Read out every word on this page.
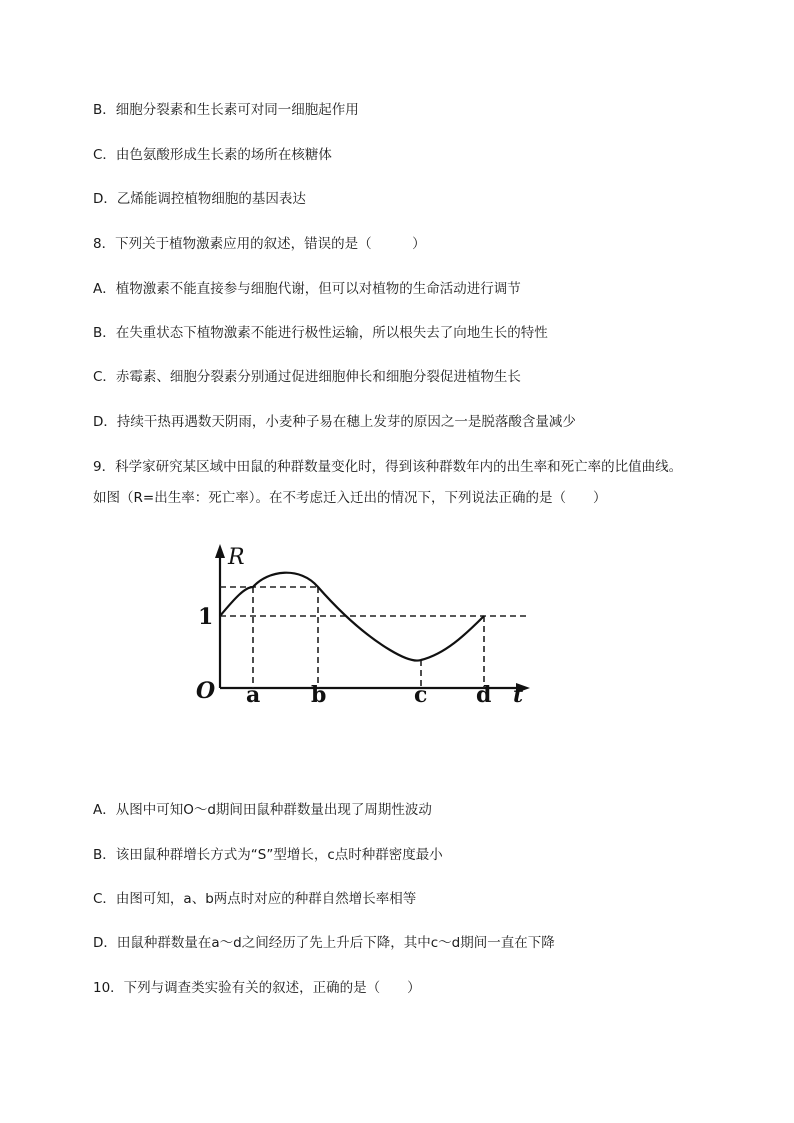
B．细胞分裂素和生长素可对同一细胞起作用

C．由色氨酸形成生长素的场所在核糖体

D．乙烯能调控植物细胞的基因表达

8．下列关于植物激素应用的叙述，错误的是（　　　）

A．植物激素不能直接参与细胞代谢，但可以对植物的生命活动进行调节

B．在失重状态下植物激素不能进行极性运输，所以根失去了向地生长的特性

C．赤霉素、细胞分裂素分别通过促进细胞伸长和细胞分裂促进植物生长

D．持续干热再遇数天阴雨，小麦种子易在穗上发芽的原因之一是脱落酸含量减少

9．科学家研究某区域中田鼠的种群数量变化时，得到该种群数年内的出生率和死亡率的比值曲线。

如图（R=出生率：死亡率）。在不考虑迁入迁出的情况下，下列说法正确的是（　　）

R
1
O a b	c d t

A．从图中可知O～d期间田鼠种群数量出现了周期性波动

B．该田鼠种群增长方式为“S”型增长，c点时种群密度最小

C．由图可知，a、b两点时对应的种群自然增长率相等

D．田鼠种群数量在a～d之间经历了先上升后下降，其中c～d期间一直在下降

10．下列与调查类实验有关的叙述，正确的是（　　）
